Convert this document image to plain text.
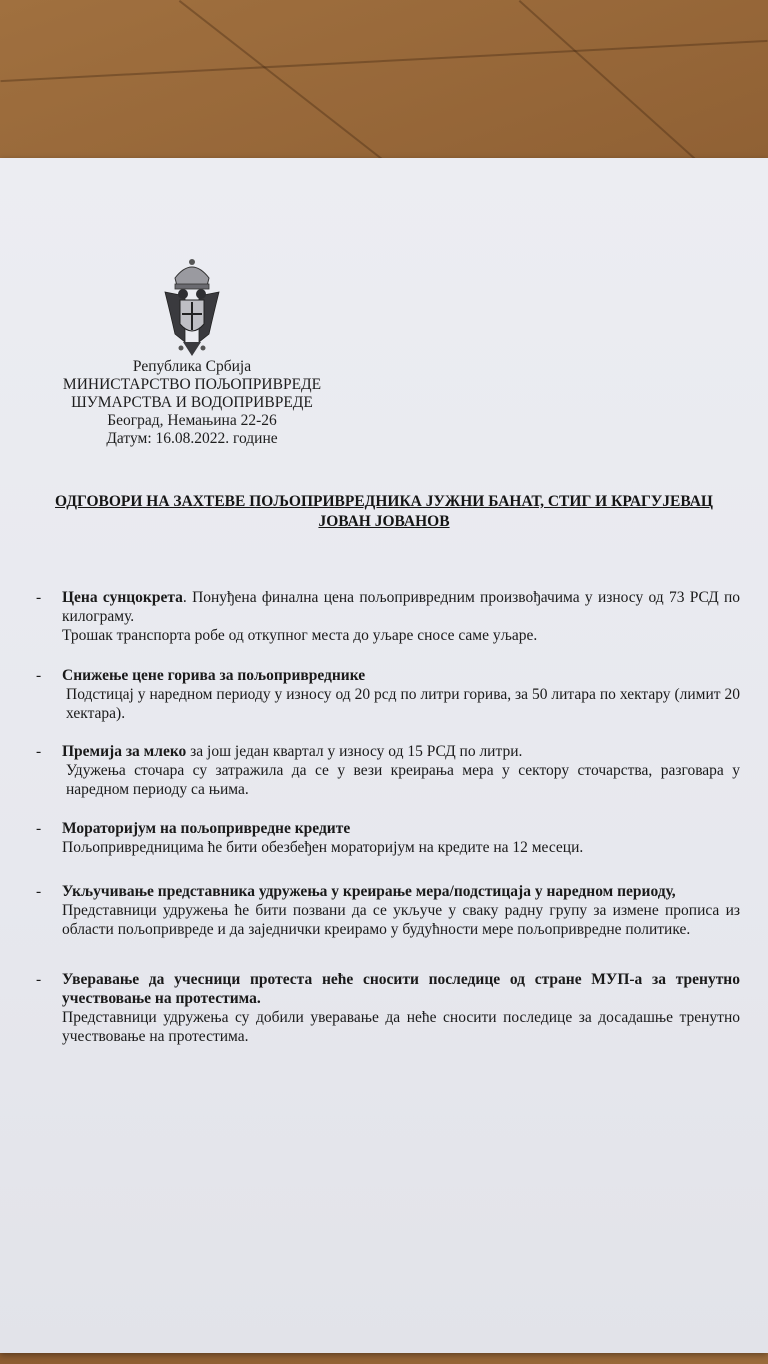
Република Србија
МИНИСТАРСТВО ПОЉОПРИВРЕДЕ
ШУМАРСТВА И ВОДОПРИВРЕДЕ
Београд, Немањина 22-26
Датум: 16.08.2022. године
ОДГОВОРИ НА ЗАХТЕВЕ ПОЉОПРИВРЕДНИКА ЈУЖНИ БАНАТ, СТИГ И КРАГУЈЕВАЦ
ЈОВАН ЈОВАНОВ
-	Цена сунцокрета. Понуђена финална цена пољопривредним произвођачима у износу од 73 РСД по килограму.
Трошак транспорта робе од откупног места до уљаре сносе саме уљаре.
-	Снижење цене горива за пољопривреднике
Подстицај у наредном периоду у износу од 20 рсд по литри горива, за 50 литара по хектару (лимит 20 хектара).
-	Премија за млеко за још један квартал у износу од 15 РСД по литри.
Удужења сточара су затражила да се у вези креирања мера у сектору сточарства, разговара у наредном периоду са њима.
-	Мораторијум на пољопривредне кредите
Пољопривредницима ће бити обезбеђен мораторијум на кредите на 12 месеци.
-	Укључивање представника удружења у креирање мера/подстицаја у наредном периоду,
Представници удружења ће бити позвани да се укључе у сваку радну групу за измене прописа из области пољопривреде и да заједнички креирамо у будућности мере пољопривредне политике.
-	Уверавање да учесници протеста неће сносити последице од стране МУП-а за тренутно учествовање на протестима.
Представници удружења су добили уверавање да неће сносити последице за досадашње тренутно учествовање на протестима.
